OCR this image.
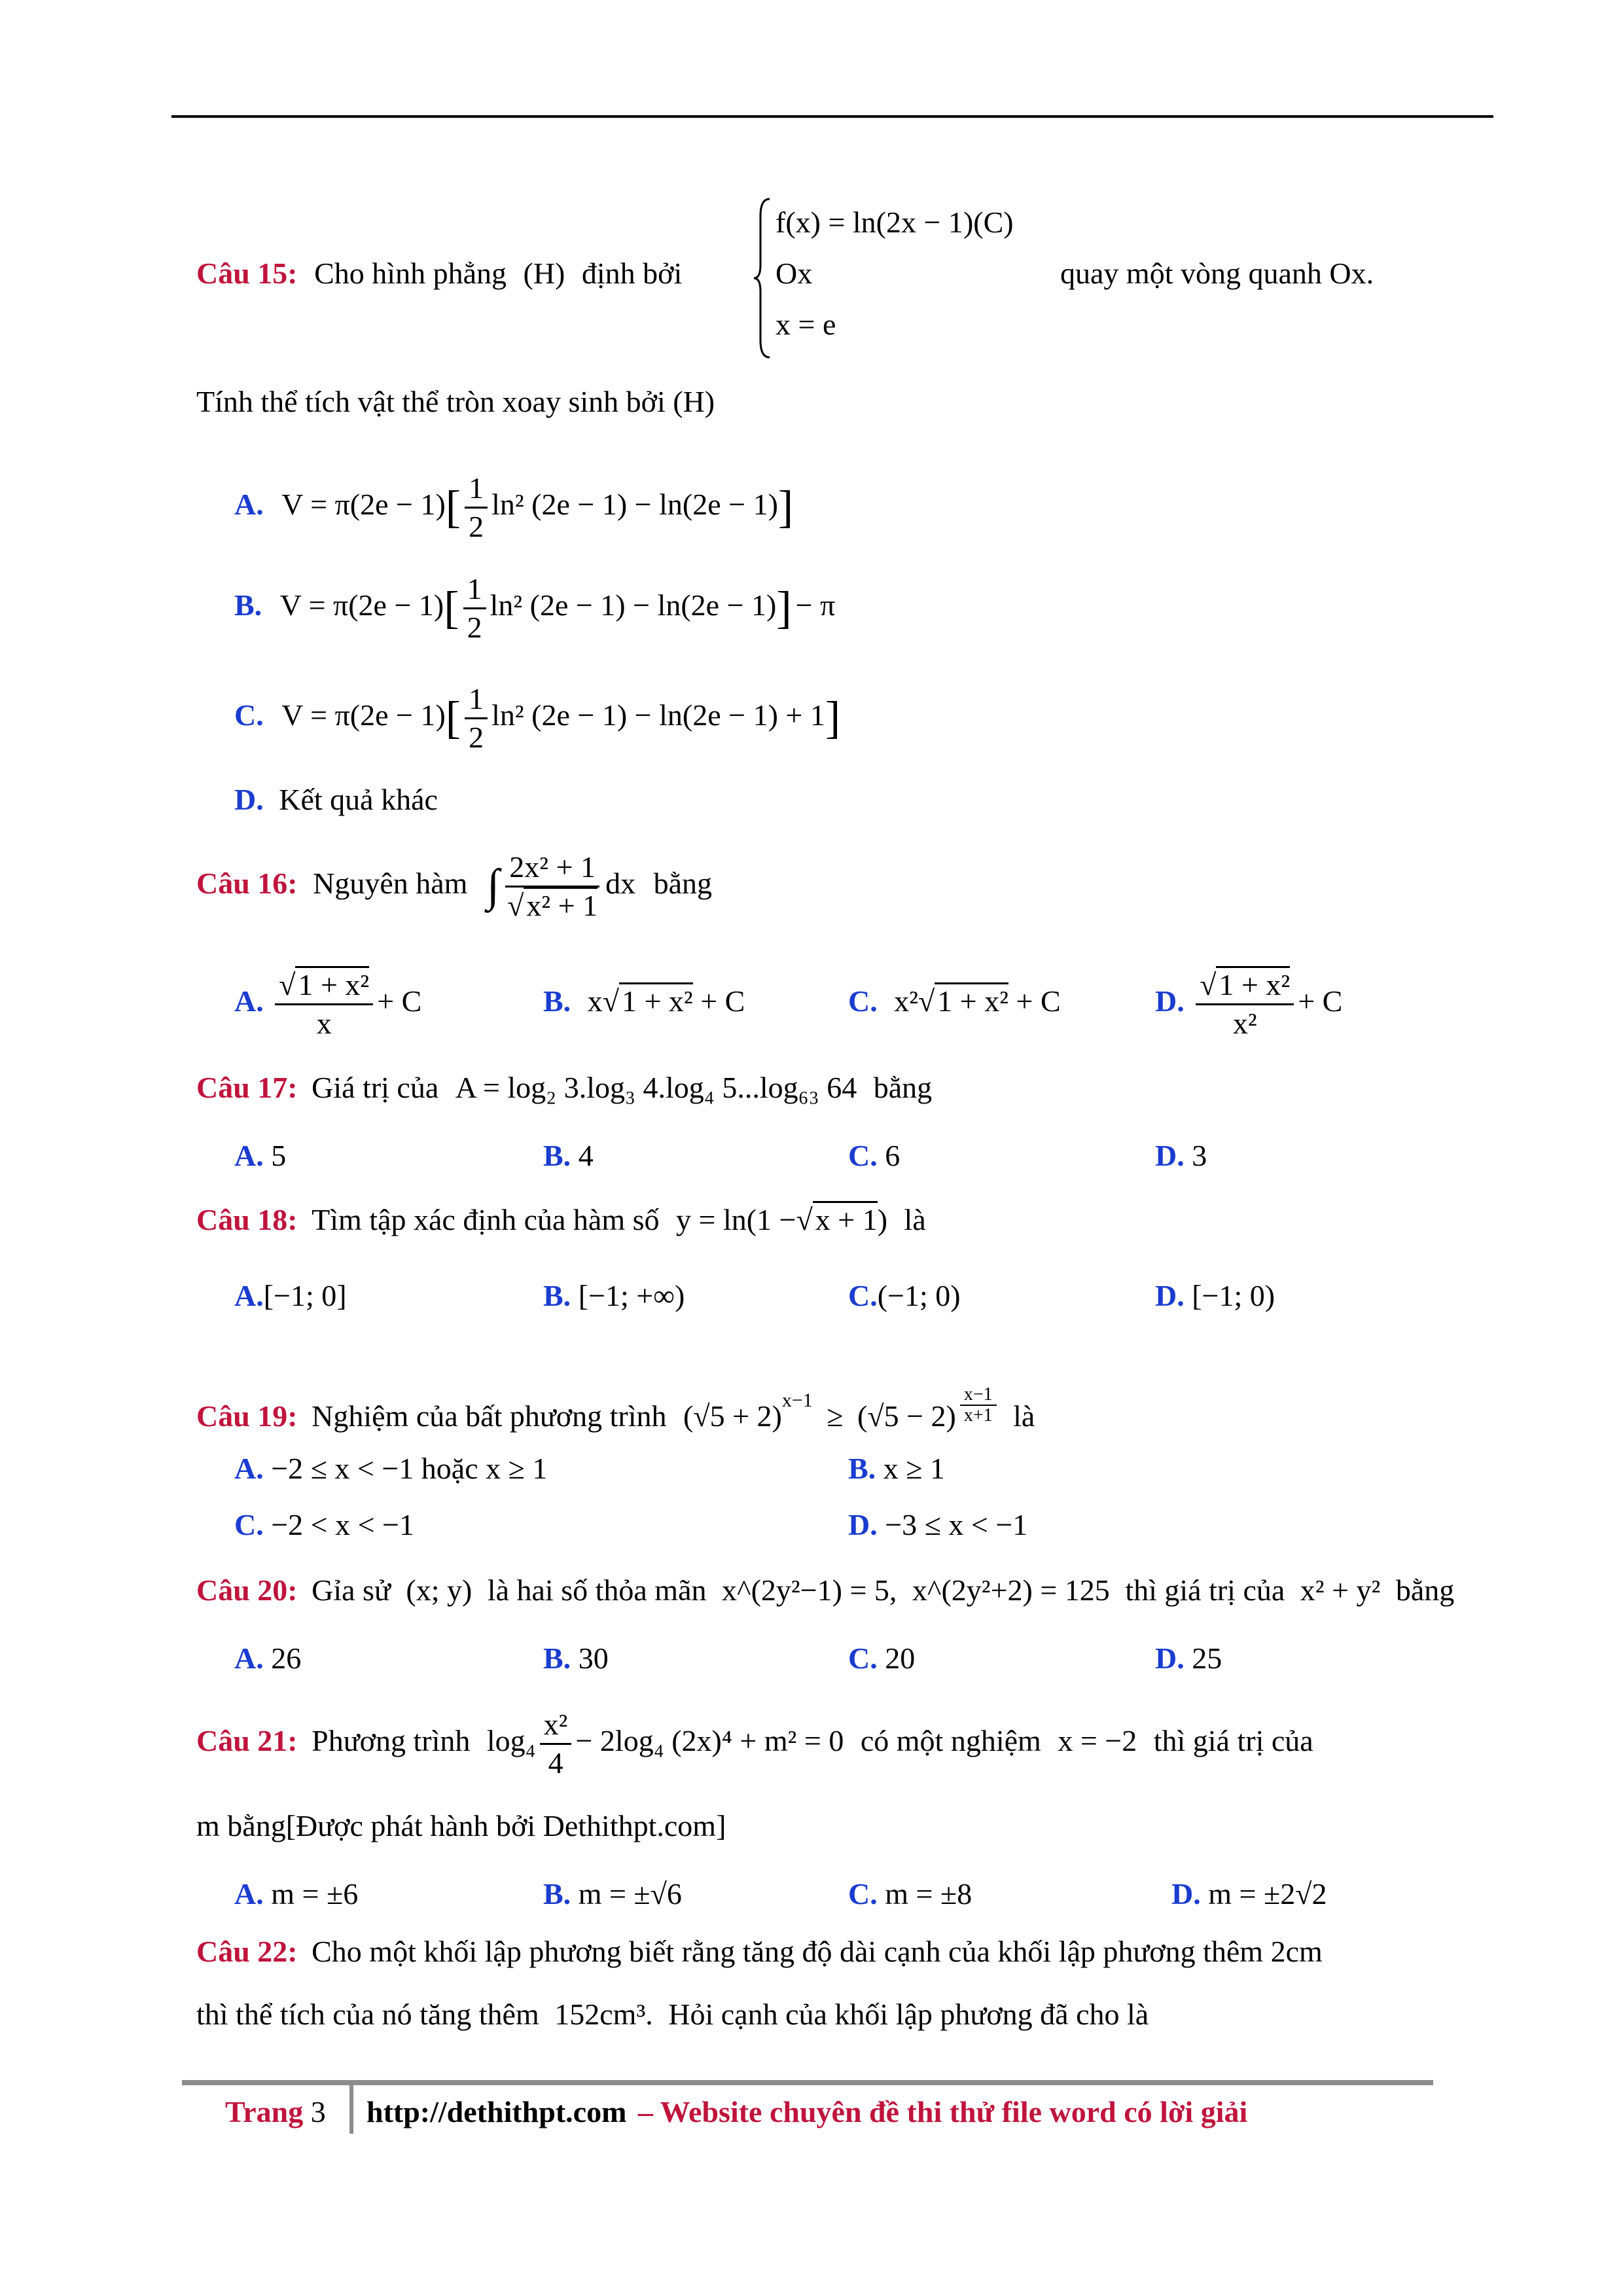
Câu 15: Cho hình phẳng (H) định bởi
f(x) = ln(2x − 1)(C)
Ox
x = e
quay một vòng quanh Ox.
Tính thể tích vật thể tròn xoay sinh bởi (H)
A. $V = \pi(2e - 1)[ \frac{1}{2} \ln^2$ (2e − 1) − ln(2e − 1)]
B. $V = \pi(2e - 1)[ \frac{1}{2} \ln^2$ (2e − 1) − ln(2e − 1)] − π
C. $V = \pi(2e - 1)[ \frac{1}{2} \ln^2$ (2e − 1) − ln(2e − 1) + 1]
D. Kết quả khác
Câu 16: Nguyên hàm ∫ $\frac{\text{2x² + 1}}{\text{√x² + 1}}$ dx bằng
A. $\frac{\text{√1 + x²}}{x} + C$	B. x√1 + x² + C	C. x²√1 + x² + C	D. $\frac{\text{√1 + x²}}{\text{x²}} + C$
Câu 17: Giá trị của A = log₂ 3.log₃ 4.log₄ 5...log₆₃ 64 bằng
A. 5	B. 4	C. 6	D. 3
Câu 18: Tìm tập xác định của hàm số y = ln(1 −√x + 1) là
A.[−1; 0]	B. [−1; +∞)	C.(−1; 0)	D. [−1; 0)
Câu 19: Nghiệm của bất phương trình $(√5 + 2)^{x-1} \ge (√5 - 2) \frac{x-1}{x+1}$ là
A. −2 ≤ x < −1 hoặc x ≥ 1	B. x ≥ 1
C. −2 < x < −1	D. −3 ≤ x < −1
Câu 20: Gỉa sử (x; y) là hai số thỏa mãn x^(2y²−1) = 5, x^(2y²+2) = 125 thì giá trị của x² + y² bằng
A. 26	B. 30	C. 20	D. 25
Câu 21: Phương trình $\log_4 \frac{\text{x²}}{4} - 2\log_4$ (2x)⁴ + m² = 0 có một nghiệm x = −2 thì giá trị của
m bằng[Được phát hành bởi Dethithpt.com]
A. m = ±6	B. m = ±√6	C. m = ±8	D. m = ±2√2
Câu 22: Cho một khối lập phương biết rằng tăng độ dài cạnh của khối lập phương thêm 2cm
thì thể tích của nó tăng thêm 152cm³. Hỏi cạnh của khối lập phương đã cho là
Trang 3 http://dethithpt.com – Website chuyên đề thi thử file word có lời giải
